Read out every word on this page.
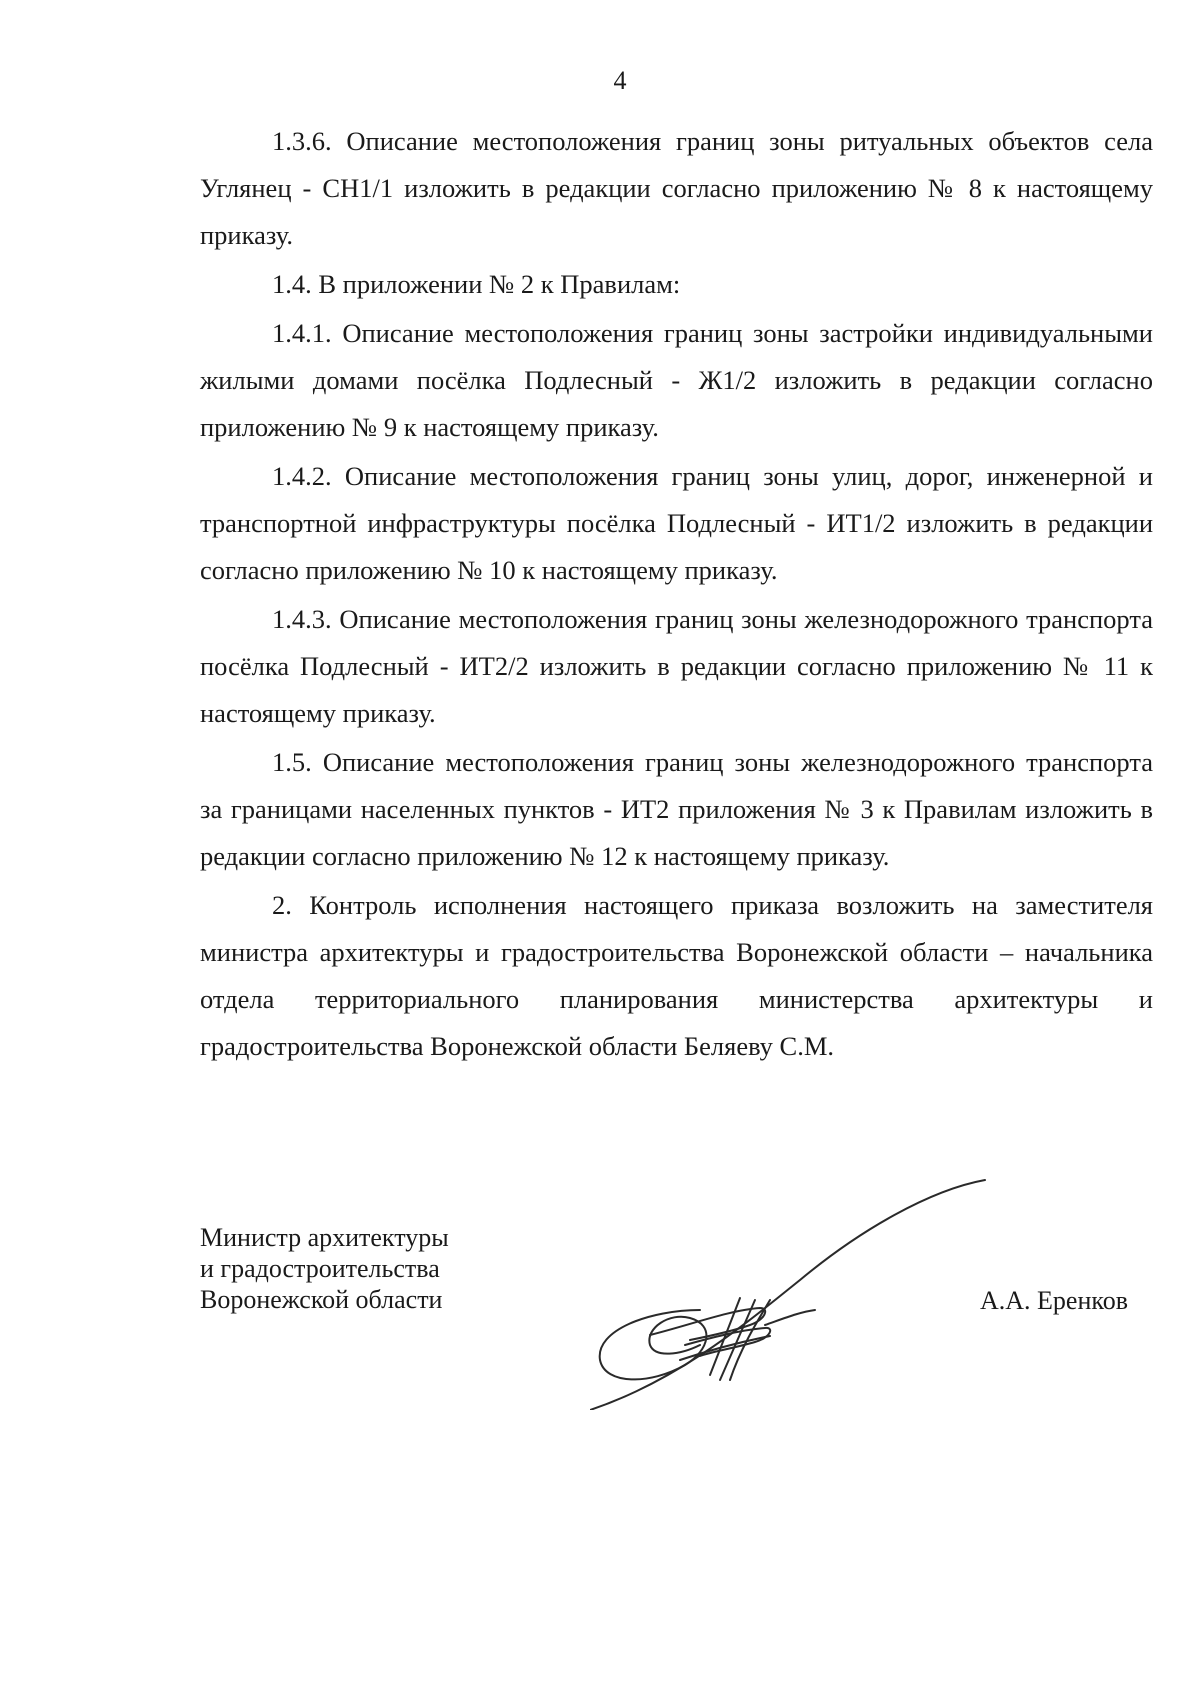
4

1.3.6. Описание местоположения границ зоны ритуальных объектов села Углянец - СН1/1 изложить в редакции согласно приложению № 8 к настоящему приказу.

1.4. В приложении № 2 к Правилам:

1.4.1. Описание местоположения границ зоны застройки индивидуальными жилыми домами посёлка Подлесный - Ж1/2 изложить в редакции согласно приложению № 9 к настоящему приказу.

1.4.2. Описание местоположения границ зоны улиц, дорог, инженерной и транспортной инфраструктуры посёлка Подлесный - ИТ1/2 изложить в редакции согласно приложению № 10 к настоящему приказу.

1.4.3. Описание местоположения границ зоны железнодорожного транспорта посёлка Подлесный - ИТ2/2 изложить в редакции согласно приложению № 11 к настоящему приказу.

1.5. Описание местоположения границ зоны железнодорожного транспорта за границами населенных пунктов - ИТ2 приложения № 3 к Правилам изложить в редакции согласно приложению № 12 к настоящему приказу.

2. Контроль исполнения настоящего приказа возложить на заместителя министра архитектуры и градостроительства Воронежской области – начальника отдела территориального планирования министерства архитектуры и градостроительства Воронежской области Беляеву С.М.

Министр архитектуры
и градостроительства
Воронежской области	А.А. Еренков
